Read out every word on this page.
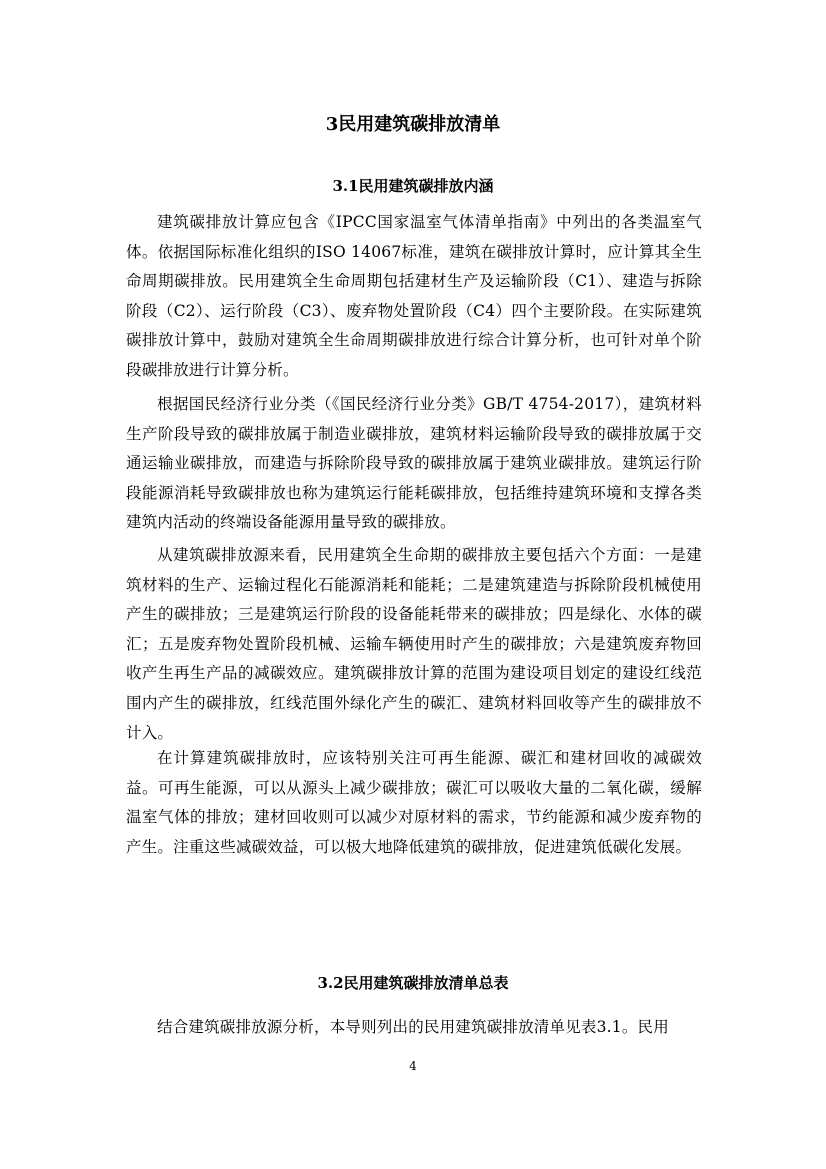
3民用建筑碳排放清单
3.1民用建筑碳排放内涵

建筑碳排放计算应包含《IPCC国家温室气体清单指南》中列出的各类温室气体。依据国际标准化组织的ISO 14067标准，建筑在碳排放计算时，应计算其全生命周期碳排放。民用建筑全生命周期包括建材生产及运输阶段（C1）、建造与拆除阶段（C2）、运行阶段（C3）、废弃物处置阶段（C4）四个主要阶段。在实际建筑碳排放计算中，鼓励对建筑全生命周期碳排放进行综合计算分析，也可针对单个阶段碳排放进行计算分析。

根据国民经济行业分类（《国民经济行业分类》GB/T 4754-2017），建筑材料生产阶段导致的碳排放属于制造业碳排放，建筑材料运输阶段导致的碳排放属于交通运输业碳排放，而建造与拆除阶段导致的碳排放属于建筑业碳排放。建筑运行阶段能源消耗导致碳排放也称为建筑运行能耗碳排放，包括维持建筑环境和支撑各类建筑内活动的终端设备能源用量导致的碳排放。

从建筑碳排放源来看，民用建筑全生命期的碳排放主要包括六个方面：一是建筑材料的生产、运输过程化石能源消耗和能耗；二是建筑建造与拆除阶段机械使用产生的碳排放；三是建筑运行阶段的设备能耗带来的碳排放；四是绿化、水体的碳汇；五是废弃物处置阶段机械、运输车辆使用时产生的碳排放；六是建筑废弃物回收产生再生产品的减碳效应。建筑碳排放计算的范围为建设项目划定的建设红线范围内产生的碳排放，红线范围外绿化产生的碳汇、建筑材料回收等产生的碳排放不计入。

在计算建筑碳排放时，应该特别关注可再生能源、碳汇和建材回收的减碳效益。可再生能源，可以从源头上减少碳排放；碳汇可以吸收大量的二氧化碳，缓解温室气体的排放；建材回收则可以减少对原材料的需求，节约能源和减少废弃物的产生。注重这些减碳效益，可以极大地降低建筑的碳排放，促进建筑低碳化发展。

3.2民用建筑碳排放清单总表

结合建筑碳排放源分析，本导则列出的民用建筑碳排放清单见表3.1。民用

4
